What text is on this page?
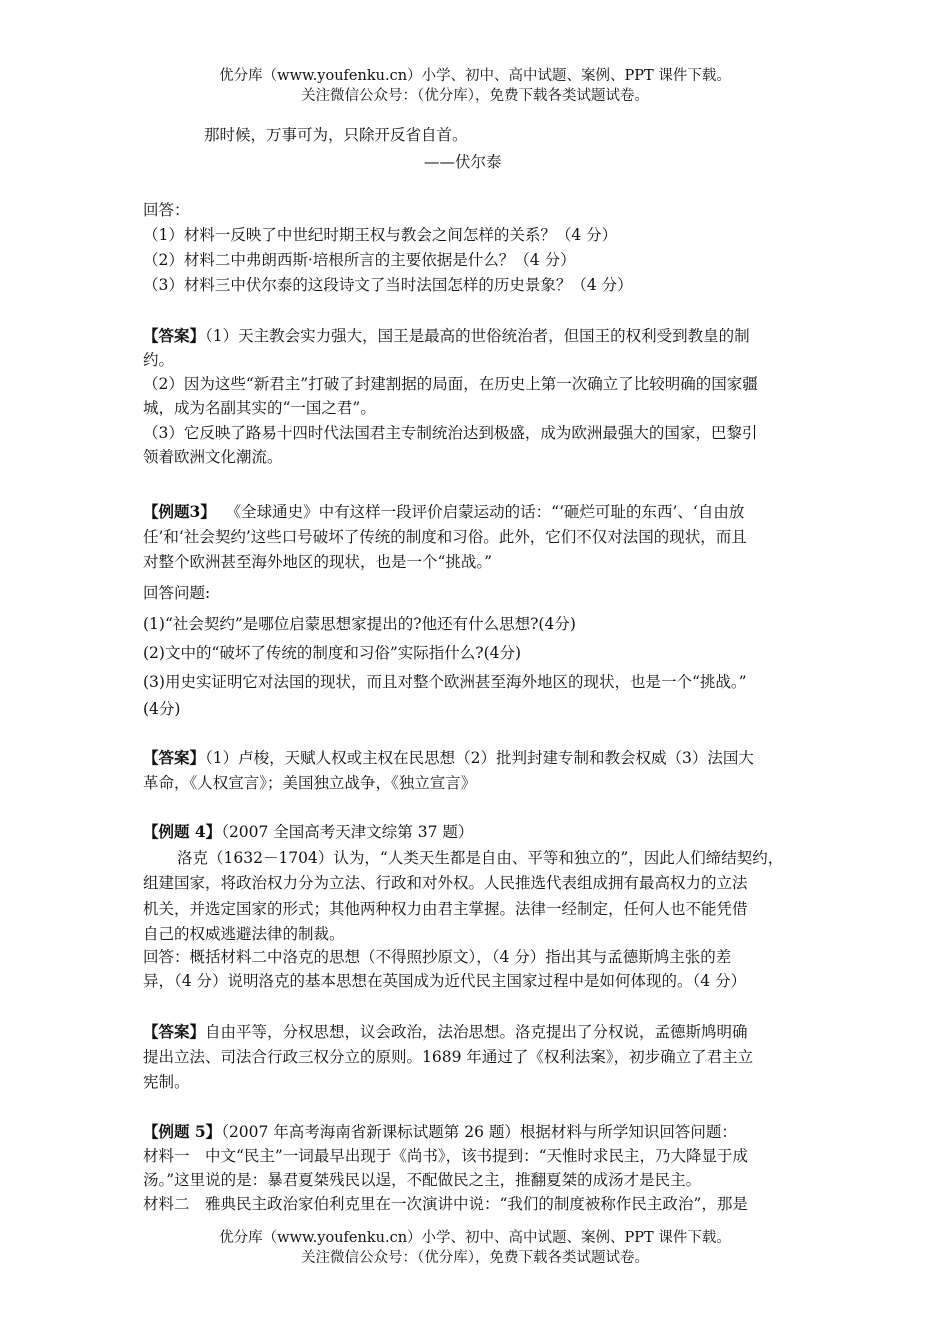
优分库（www.youfenku.cn）小学、初中、高中试题、案例、PPT 课件下载。
关注微信公众号：（优分库），免费下载各类试题试卷。
那时候，万事可为，只除开反省自首。
——伏尔泰
回答：
（1）材料一反映了中世纪时期王权与教会之间怎样的关系？（4 分）
（2）材料二中弗朗西斯·培根所言的主要依据是什么？（4 分）
（3）材料三中伏尔泰的这段诗文了当时法国怎样的历史景象？（4 分）
【答案】（1）天主教会实力强大，国王是最高的世俗统治者，但国王的权利受到教皇的制
约。
（2）因为这些“新君主”打破了封建割据的局面，在历史上第一次确立了比较明确的国家疆
城，成为名副其实的“一国之君”。
（3）它反映了路易十四时代法国君主专制统治达到极盛，成为欧洲最强大的国家，巴黎引
领着欧洲文化潮流。
【例题3】 《全球通史》中有这样一段评价启蒙运动的话：“‘砸烂可耻的东西’、‘自由放
任’和‘社会契约’这些口号破坏了传统的制度和习俗。此外，它们不仅对法国的现状，而且
对整个欧洲甚至海外地区的现状，也是一个“挑战。”
回答问题:
(1)“社会契约”是哪位启蒙思想家提出的?他还有什么思想?(4分)
(2)文中的“破坏了传统的制度和习俗”实际指什么?(4分)
(3)用史实证明它对法国的现状，而且对整个欧洲甚至海外地区的现状，也是一个“挑战。”
(4分)
【答案】（1）卢梭，天赋人权或主权在民思想（2）批判封建专制和教会权威（3）法国大
革命，《人权宣言》；美国独立战争，《独立宣言》
【例题 4】（2007 全国高考天津文综第 37 题）
洛克（1632－1704）认为，“人类天生都是自由、平等和独立的”，因此人们缔结契约，
组建国家，将政治权力分为立法、行政和对外权。人民推选代表组成拥有最高权力的立法
机关，并选定国家的形式；其他两种权力由君主掌握。法律一经制定，任何人也不能凭借
自己的权威逃避法律的制裁。
回答：概括材料二中洛克的思想（不得照抄原文），（4 分）指出其与孟德斯鸠主张的差
异，（4 分）说明洛克的基本思想在英国成为近代民主国家过程中是如何体现的。（4 分）
【答案】自由平等，分权思想，议会政治，法治思想。洛克提出了分权说，孟德斯鸠明确
提出立法、司法合行政三权分立的原则。1689 年通过了《权利法案》，初步确立了君主立
宪制。
【例题 5】（2007 年高考海南省新课标试题第 26 题）根据材料与所学知识回答问题：
材料一　中文“民主”一词最早出现于《尚书》，该书提到：“天惟时求民主，乃大降显于成
汤。”这里说的是：暴君夏桀残民以逞，不配做民之主，推翻夏桀的成汤才是民主。
材料二　雅典民主政治家伯利克里在一次演讲中说：“我们的制度被称作民主政治”，那是
优分库（www.youfenku.cn）小学、初中、高中试题、案例、PPT 课件下载。
关注微信公众号：（优分库），免费下载各类试题试卷。
